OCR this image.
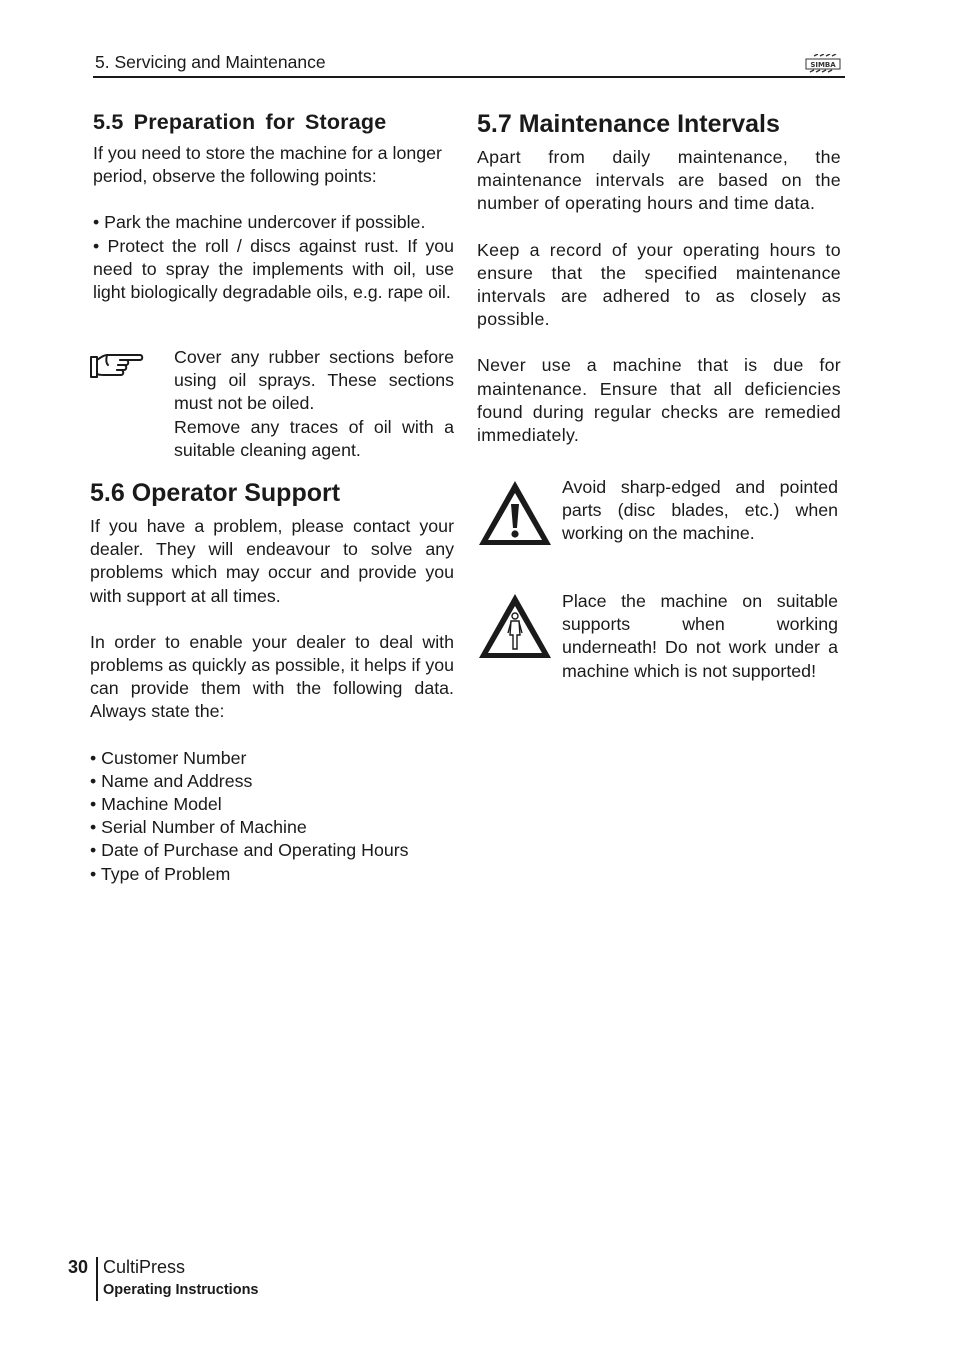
5. Servicing and Maintenance	SIMBA
5.5 Preparation for Storage

If you need to store the machine for a longer period, observe the following points:

• Park the machine undercover if possible.

• Protect the roll / discs against rust. If you need to spray the implements with oil, use light biologically degradable oils, e.g. rape oil.

Cover any rubber sections before using oil sprays. These sections must not be oiled.

Remove any traces of oil with a suitable cleaning agent.

5.6 Operator Support

If you have a problem, please contact your dealer. They will endeavour to solve any problems which may occur and provide you with support at all times.

In order to enable your dealer to deal with problems as quickly as possible, it helps if you can provide them with the following data. Always state the:

• Customer Number

• Name and Address

• Machine Model

• Serial Number of Machine

• Date of Purchase and Operating Hours

• Type of Problem

5.7 Maintenance Intervals

Apart from daily maintenance, the maintenance intervals are based on the number of operating hours and time data.

Keep a record of your operating hours to ensure that the specified maintenance intervals are adhered to as closely as possible.

Never use a machine that is due for maintenance. Ensure that all deficiencies found during regular checks are remedied immediately.

Avoid sharp-edged and pointed parts (disc blades, etc.) when working on the machine.
Place the machine on suitable supports when working underneath! Do not work under a machine which is not supported!
30 CultiPress
Operating Instructions
